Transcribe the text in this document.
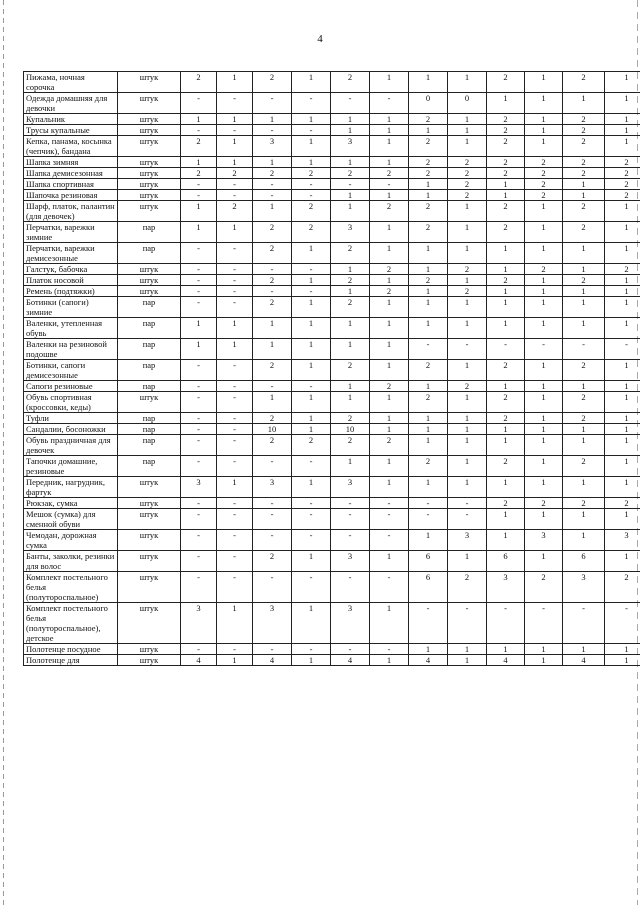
4
Пижама, ночная сорочка	штук	2	1	2	1	2	1	1	1	2	1	2	1
Одежда домашняя для девочки	штук	-	-	-	-	-	-	0	0	1	1	1	1
Купальник	штук	1	1	1	1	1	1	2	1	2	1	2	1
Трусы купальные	штук	-	-	-	-	1	1	1	1	2	1	2	1
Кепка, панама, косынка (чепчик), бандана	штук	2	1	3	1	3	1	2	1	2	1	2	1
Шапка зимняя	штук	1	1	1	1	1	1	2	2	2	2	2	2
Шапка демисезонная	штук	2	2	2	2	2	2	2	2	2	2	2	2
Шапка спортивная	штук	-	-	-	-	-	-	1	2	1	2	1	2
Шапочка резиновая	штук	-	-	-	-	1	1	1	2	1	2	1	2
Шарф, платок, палантин (для девочек)	штук	1	2	1	2	1	2	2	1	2	1	2	1
Перчатки, варежки зимние	пар	1	1	2	2	3	1	2	1	2	1	2	1
Перчатки, варежки демисезонные	пар	-	-	2	1	2	1	1	1	1	1	1	1
Галстук, бабочка	штук	-	-	-	-	1	2	1	2	1	2	1	2
Платок носовой	штук	-	-	2	1	2	1	2	1	2	1	2	1
Ремень (подтяжки)	штук	-	-	-	-	1	2	1	2	1	1	1	1
Ботинки (сапоги) зимние	пар	-	-	2	1	2	1	1	1	1	1	1	1
Валенки, утепленная обувь	пар	1	1	1	1	1	1	1	1	1	1	1	1
Валенки на резиновой подошве	пар	1	1	1	1	1	1	-	-	-	-	-	-
Ботинки, сапоги демисезонные	пар	-	-	2	1	2	1	2	1	2	1	2	1
Сапоги резиновые	пар	-	-	-	-	1	2	1	2	1	1	1	1
Обувь спортивная (кроссовки, кеды)	штук	-	-	1	1	1	1	2	1	2	1	2	1
Туфли	пар	-	-	2	1	2	1	1	1	2	1	2	1
Сандалии, босоножки	пар	-	-	10	1	10	1	1	1	1	1	1	1
Обувь праздничная для девочек	пар	-	-	2	2	2	2	1	1	1	1	1	1
Тапочки домашние, резиновые	пар	-	-	-	-	1	1	2	1	2	1	2	1
Передник, нагрудник, фартук	штук	3	1	3	1	3	1	1	1	1	1	1	1
Рюкзак, сумка	штук	-	-	-	-	-	-	-	-	2	2	2	2
Мешок (сумка) для сменной обуви	штук	-	-	-	-	-	-	-	-	1	1	1	1
Чемодан, дорожная сумка	штук	-	-	-	-	-	-	1	3	1	3	1	3
Банты, заколки, резинки для волос	штук	-	-	2	1	3	1	6	1	6	1	6	1
Комплект постельного белья (полутороспальное)	штук	-	-	-	-	-	-	6	2	3	2	3	2
Комплект постельного белья (полутороспальное), детское	штук	3	1	3	1	3	1	-	-	-	-	-	-
Полотенце посудное	штук	-	-	-	-	-	-	1	1	1	1	1	1
Полотенце для	штук	4	1	4	1	4	1	4	1	4	1	4	1
